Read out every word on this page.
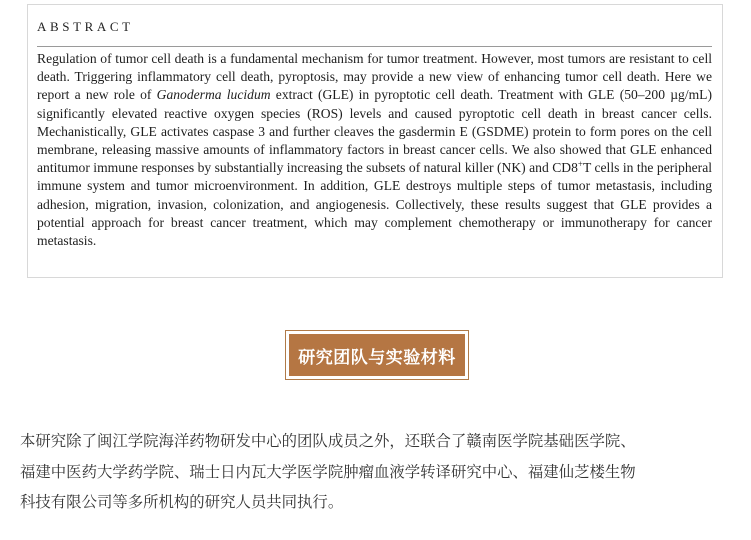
ABSTRACT
Regulation of tumor cell death is a fundamental mechanism for tumor treatment. However, most tumors are resistant to cell death. Triggering inflammatory cell death, pyroptosis, may provide a new view of enhancing tumor cell death. Here we report a new role of Ganoderma lucidum extract (GLE) in pyroptotic cell death. Treatment with GLE (50–200 µg/mL) significantly elevated reactive oxygen species (ROS) levels and caused pyroptotic cell death in breast cancer cells. Mechanistically, GLE activates caspase 3 and further cleaves the gasdermin E (GSDME) protein to form pores on the cell membrane, releasing massive amounts of inflammatory factors in breast cancer cells. We also showed that GLE enhanced antitumor immune responses by substantially increasing the subsets of natural killer (NK) and CD8+T cells in the peripheral immune system and tumor microenvironment. In addition, GLE destroys multiple steps of tumor metastasis, including adhesion, migration, invasion, colonization, and angiogenesis. Collectively, these results suggest that GLE provides a potential approach for breast cancer treatment, which may complement chemotherapy or immunotherapy for cancer metastasis.
研究团队与实验材料

本研究除了闽江学院海洋药物研发中心的团队成员之外，还联合了赣南医学院基础医学院、
福建中医药大学药学院、瑞士日内瓦大学医学院肿瘤血液学转译研究中心、福建仙芝楼生物
科技有限公司等多所机构的研究人员共同执行。
